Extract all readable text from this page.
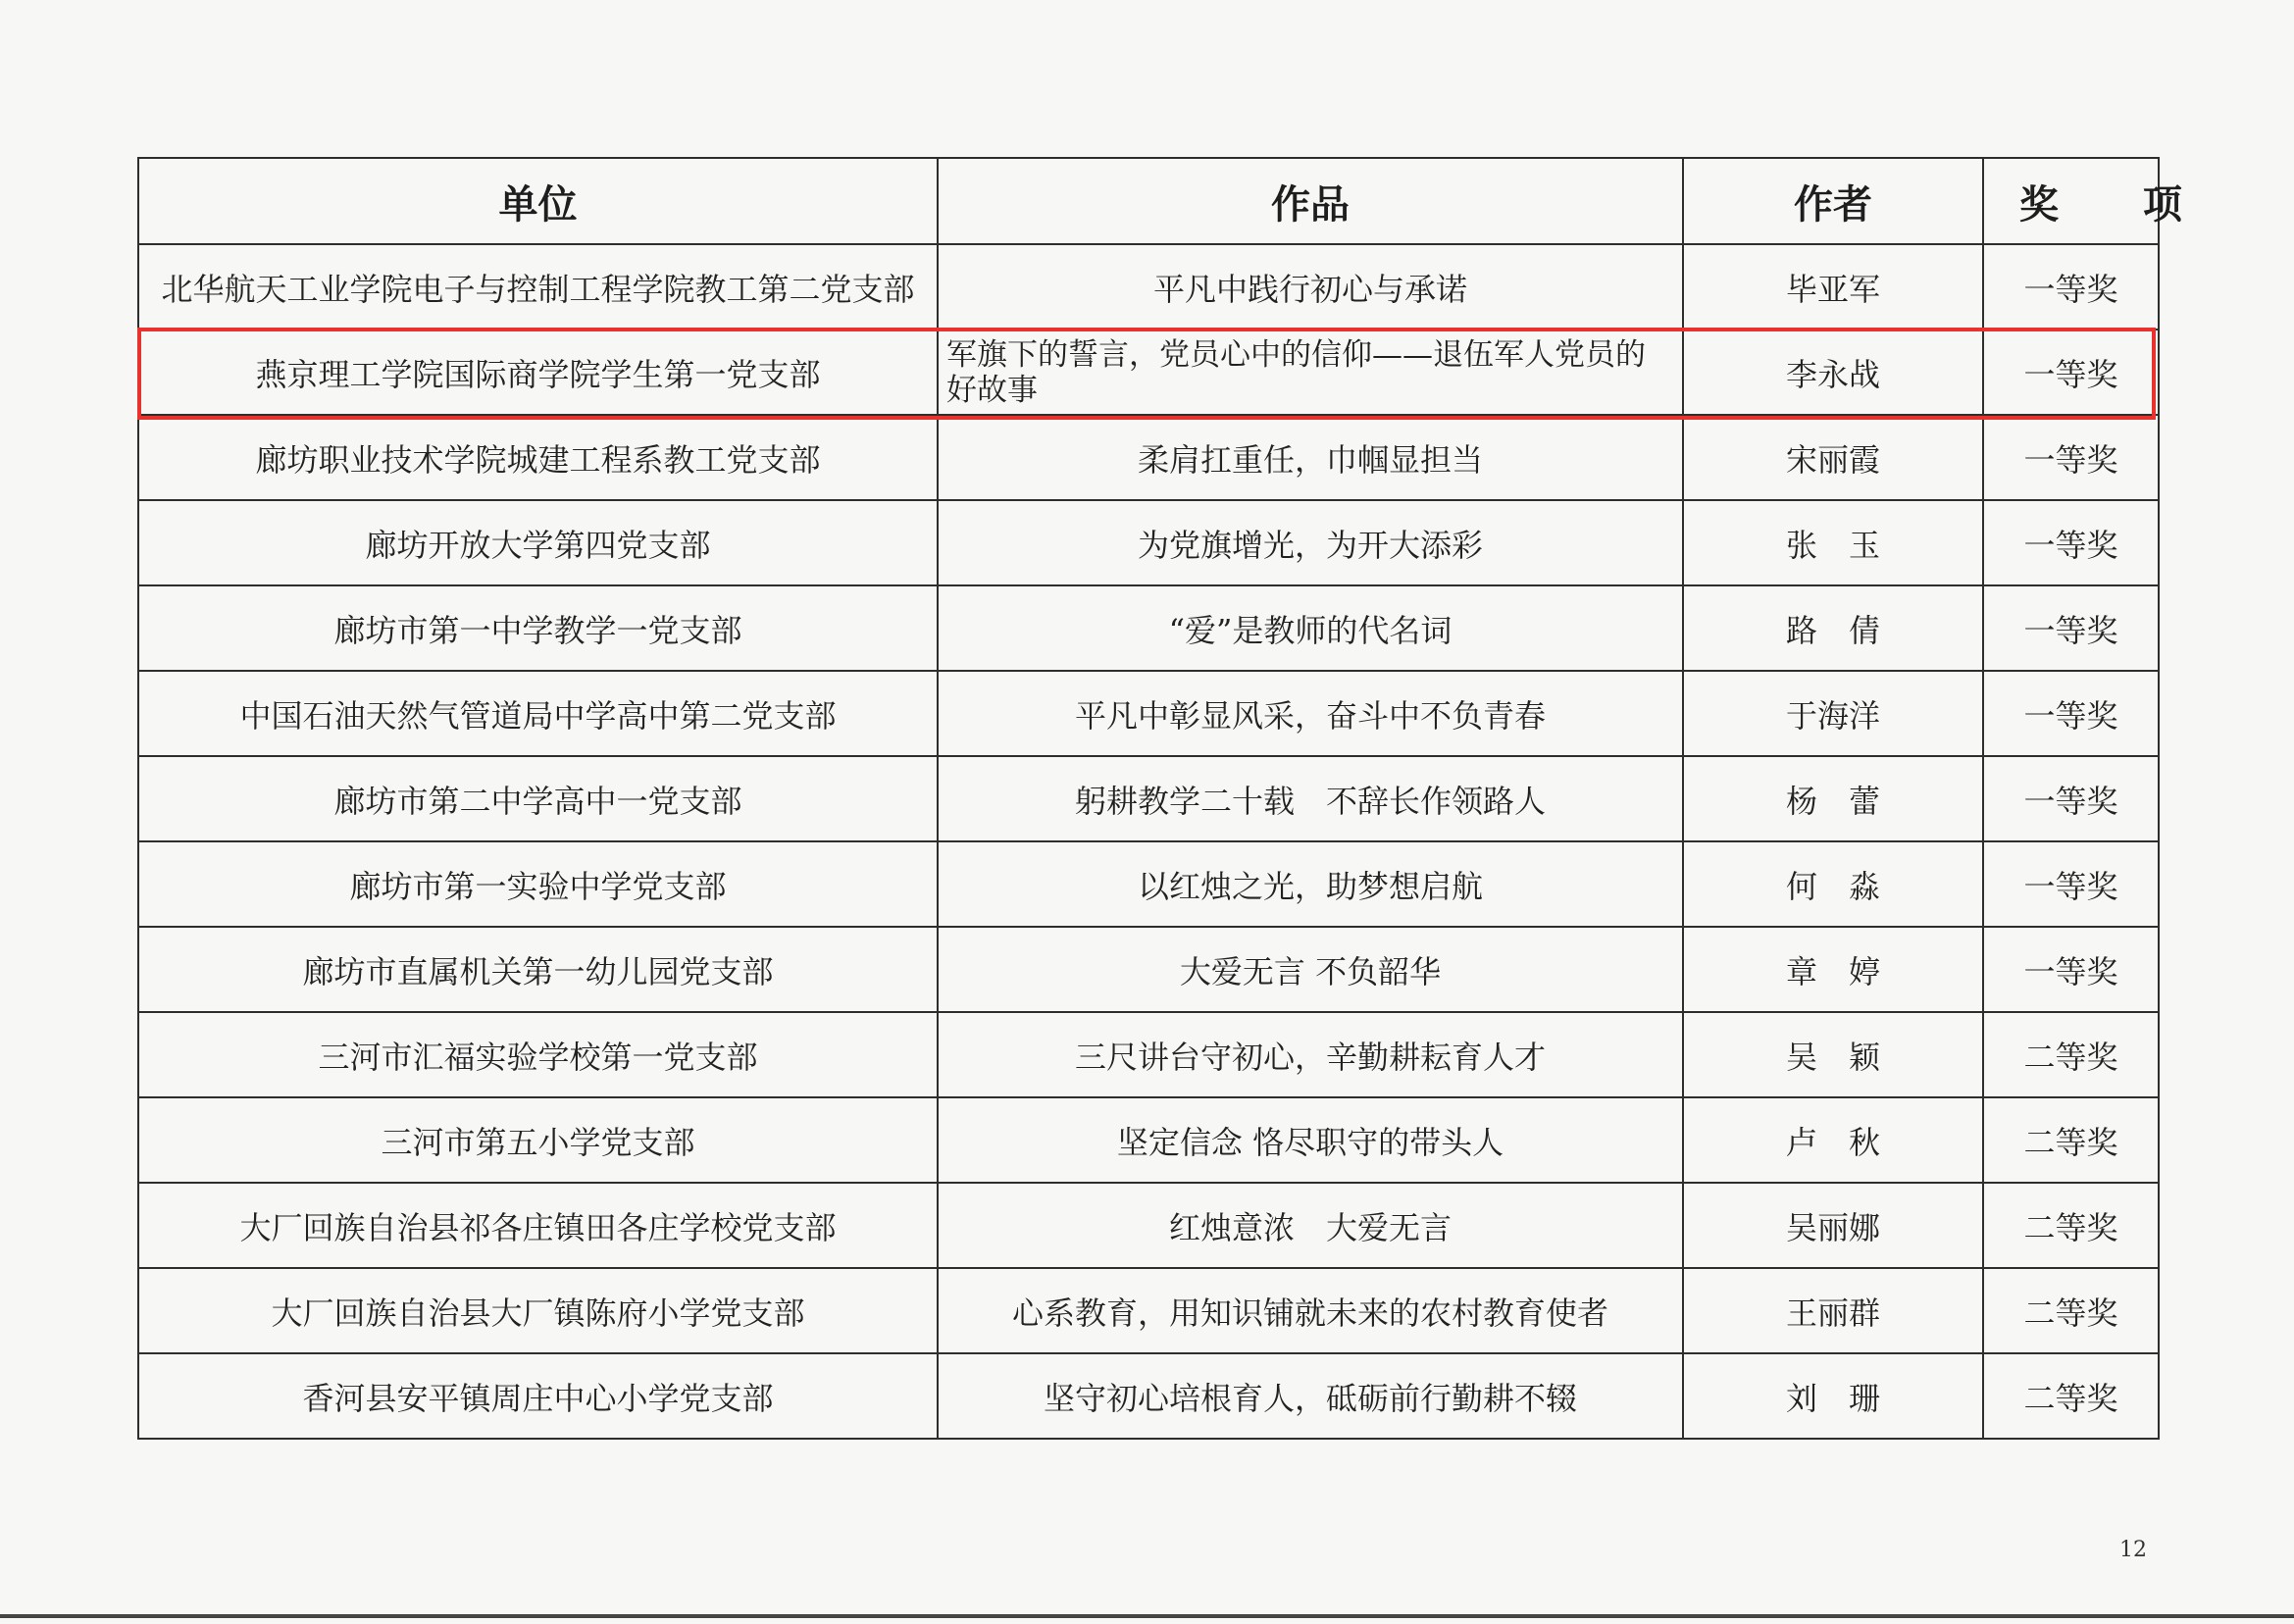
单位	作品	作者	奖 项
北华航天工业学院电子与控制工程学院教工第二党支部	平凡中践行初心与承诺	毕亚军	一等奖
燕京理工学院国际商学院学生第一党支部	军旗下的誓言，党员心中的信仰——退伍军人党员的好故事	李永战	一等奖
廊坊职业技术学院城建工程系教工党支部	柔肩扛重任，巾帼显担当	宋丽霞	一等奖
廊坊开放大学第四党支部	为党旗增光，为开大添彩	张　玉	一等奖
廊坊市第一中学教学一党支部	“爱”是教师的代名词	路　倩	一等奖
中国石油天然气管道局中学高中第二党支部	平凡中彰显风采，奋斗中不负青春	于海洋	一等奖
廊坊市第二中学高中一党支部	躬耕教学二十载　不辞长作领路人	杨　蕾	一等奖
廊坊市第一实验中学党支部	以红烛之光，助梦想启航	何　淼	一等奖
廊坊市直属机关第一幼儿园党支部	大爱无言 不负韶华	章　婷	一等奖
三河市汇福实验学校第一党支部	三尺讲台守初心，辛勤耕耘育人才	吴　颖	二等奖
三河市第五小学党支部	坚定信念 恪尽职守的带头人	卢　秋	二等奖
大厂回族自治县祁各庄镇田各庄学校党支部	红烛意浓　大爱无言	吴丽娜	二等奖
大厂回族自治县大厂镇陈府小学党支部	心系教育，用知识铺就未来的农村教育使者	王丽群	二等奖
香河县安平镇周庄中心小学党支部	坚守初心培根育人，砥砺前行勤耕不辍	刘　珊	二等奖
12
